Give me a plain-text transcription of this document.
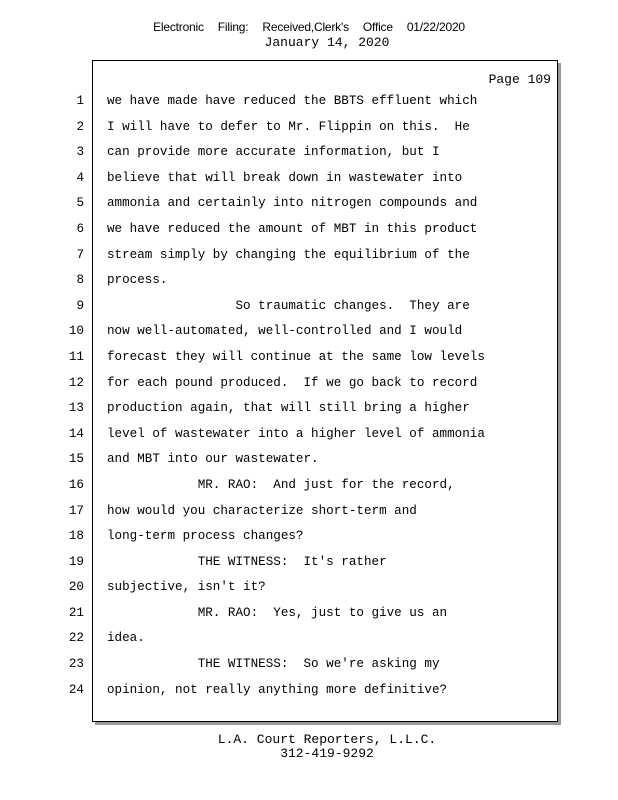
Electronic Filing: Received,Clerk's Office 01/22/2020
January 14, 2020
Page 109
1
2
3
4
5
6
7
8
9
10
11
12
13
14
15
16
17
18
19
20
21
22
23
24
we have made have reduced the BBTS effluent which
I will have to defer to Mr. Flippin on this.  He
can provide more accurate information, but I
believe that will break down in wastewater into
ammonia and certainly into nitrogen compounds and
we have reduced the amount of MBT in this product
stream simply by changing the equilibrium of the
process.
So traumatic changes.  They are
now well-automated, well-controlled and I would
forecast they will continue at the same low levels
for each pound produced.  If we go back to record
production again, that will still bring a higher
level of wastewater into a higher level of ammonia
and MBT into our wastewater.
MR. RAO:  And just for the record,
how would you characterize short-term and
long-term process changes?
THE WITNESS:  It's rather
subjective, isn't it?
MR. RAO:  Yes, just to give us an
idea.
THE WITNESS:  So we're asking my
opinion, not really anything more definitive?
L.A. Court Reporters, L.L.C.
312-419-9292
